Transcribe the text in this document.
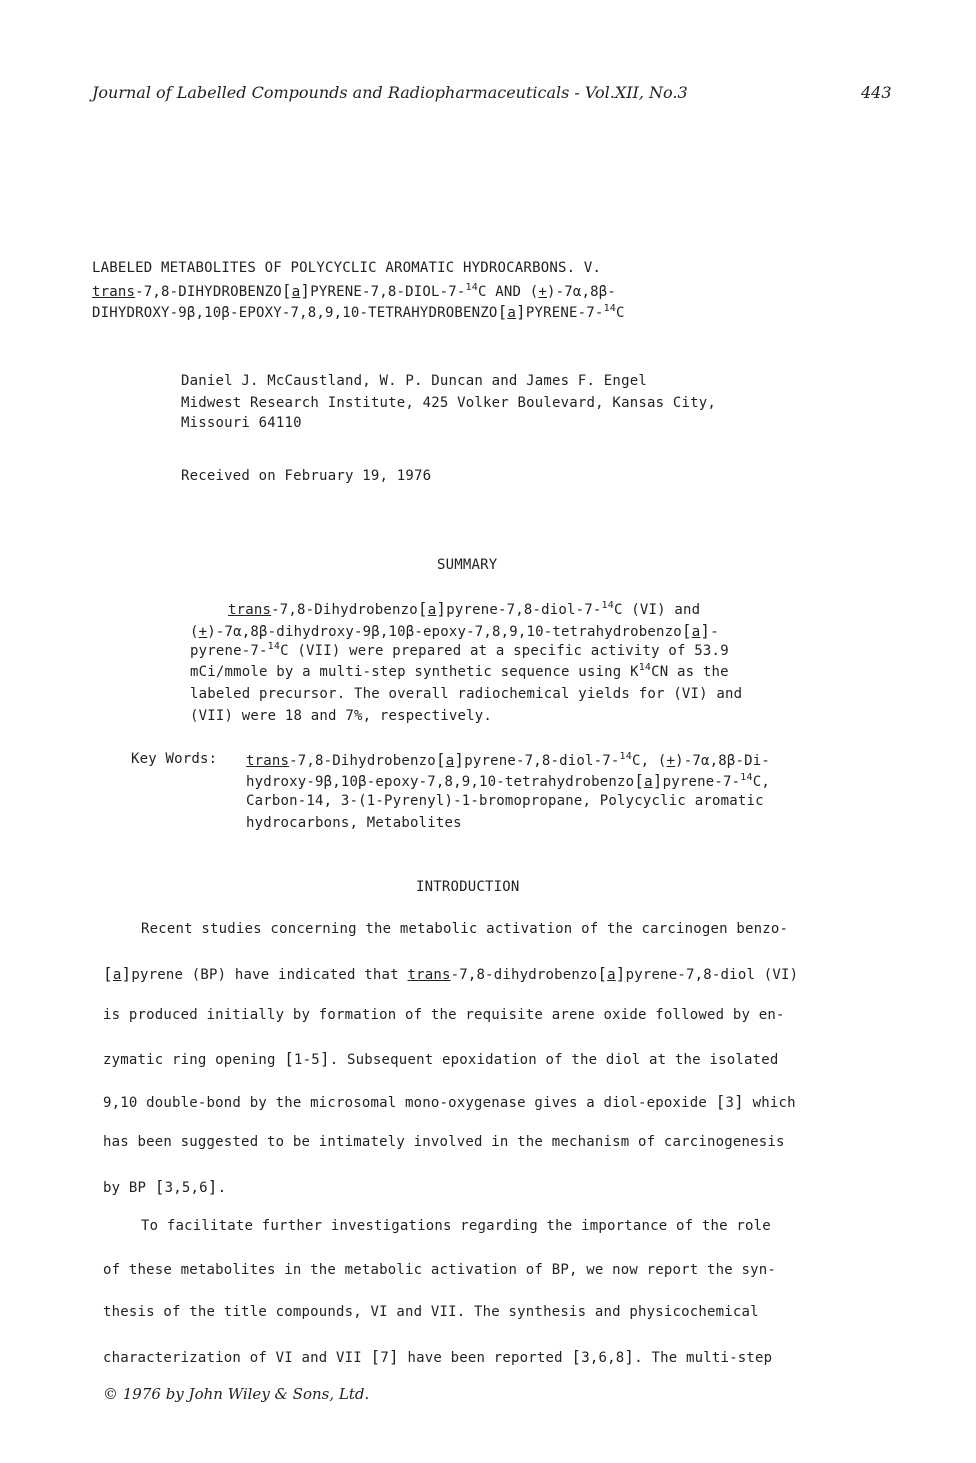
Journal of Labelled Compounds and Radiopharmaceuticals - Vol.XII, No.3	443
LABELED METABOLITES OF POLYCYCLIC AROMATIC HYDROCARBONS. V.
trans-7,8-DIHYDROBENZO[a]PYRENE-7,8-DIOL-7-$^{14}$C AND (+)-7α,8β-
DIHYDROXY-9β,10β-EPOXY-7,8,9,10-TETRAHYDROBENZO[a]PYRENE-7-$^{14}$C
Daniel J. McCaustland, W. P. Duncan and James F. Engel
Midwest Research Institute, 425 Volker Boulevard, Kansas City,
Missouri 64110
Received on February 19, 1976
SUMMARY
trans-7,8-Dihydrobenzo[a]pyrene-7,8-diol-7-$^{14}$C (VI) and
(+)-7α,8β-dihydroxy-9β,10β-epoxy-7,8,9,10-tetrahydrobenzo[a]-
pyrene-7-$^{14}$C (VII) were prepared at a specific activity of 53.9
mCi/mmole by a multi-step synthetic sequence using $K^{14}CN$ as the
labeled precursor. The overall radiochemical yields for (VI) and
(VII) were 18 and 7%, respectively.
Key Words: trans-7,8-Dihydrobenzo[a]pyrene-7,8-diol-7-$^{14}$C, (+)-7α,8β-Di-
hydroxy-9β,10β-epoxy-7,8,9,10-tetrahydrobenzo[a]pyrene-7-$^{14}$C,
Carbon-14, 3-(1-Pyrenyl)-1-bromopropane, Polycyclic aromatic
hydrocarbons, Metabolites
INTRODUCTION
Recent studies concerning the metabolic activation of the carcinogen benzo-
[a]pyrene (BP) have indicated that trans-7,8-dihydrobenzo[a]pyrene-7,8-diol (VI)
is produced initially by formation of the requisite arene oxide followed by en-
zymatic ring opening [1-5]. Subsequent epoxidation of the diol at the isolated
9,10 double-bond by the microsomal mono-oxygenase gives a diol-epoxide [3] which
has been suggested to be intimately involved in the mechanism of carcinogenesis
by BP [3,5,6].
To facilitate further investigations regarding the importance of the role
of these metabolites in the metabolic activation of BP, we now report the syn-
thesis of the title compounds, VI and VII. The synthesis and physicochemical
characterization of VI and VII [7] have been reported [3,6,8]. The multi-step
© 1976 by John Wiley & Sons, Ltd.
